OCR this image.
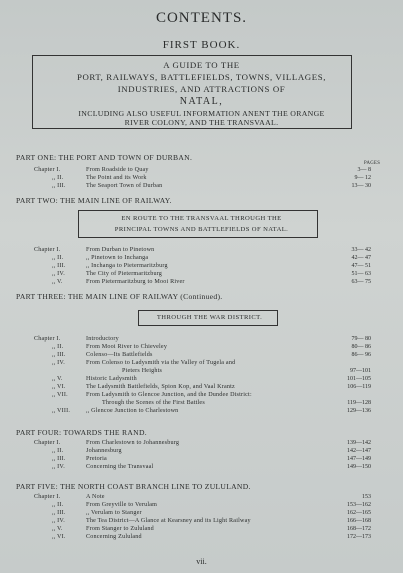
CONTENTS.
FIRST BOOK.
A GUIDE TO THE
PORT, RAILWAYS, BATTLEFIELDS, TOWNS, VILLAGES,
INDUSTRIES, AND ATTRACTIONS OF
NATAL,
INCLUDING ALSO USEFUL INFORMATION ANENT THE ORANGE
RIVER COLONY, AND THE TRANSVAAL.
PART ONE: THE PORT AND TOWN OF DURBAN.
PAGES
Chapter I.	From Roadside to Quay	3— 8
,, II.	The Point and its Work	9— 12
,, III.	The Seaport Town of Durban	13— 30
PART TWO: THE MAIN LINE OF RAILWAY.
EN ROUTE TO THE TRANSVAAL THROUGH THE
PRINCIPAL TOWNS AND BATTLEFIELDS OF NATAL.
Chapter I.	From Durban to Pinetown	33— 42
,, II.	,, Pinetown to Inchanga	42— 47
,, III.	,, Inchanga to Pietermaritzburg	47— 51
,, IV.	The City of Pietermaritzburg	51— 63
,, V.	From Pietermaritzburg to Mooi River	63— 75
PART THREE: THE MAIN LINE OF RAILWAY (Continued).
THROUGH THE WAR DISTRICT.
Chapter I.	Introductory	79— 80
,, II.	From Mooi River to Chieveley	80— 86
,, III.	Colenso—Its Battlefields	86— 96
,, IV.	From Colenso to Ladysmith via the Valley of Tugela and
Pieters Heights	97—101
,, V.	Historic Ladysmith	101—105
,, VI.	The Ladysmith Battlefields, Spion Kop, and Vaal Krantz	106—119
,, VII.	From Ladysmith to Glencoe Junction, and the Dundee District:
Through the Scenes of the First Battles	119—128
,, VIII.	,, Glencoe Junction to Charlestown	129—136
PART FOUR: TOWARDS THE RAND.
Chapter I.	From Charlestown to Johannesburg	139—142
,, II.	Johannesburg	142—147
,, III.	Pretoria	147—149
,, IV.	Concerning the Transvaal	149—150
PART FIVE: THE NORTH COAST BRANCH LINE TO ZULULAND.
Chapter I.	A Note	153
,, II.	From Greyville to Verulam	153—162
,, III.	,, Verulam to Stanger	162—165
,, IV.	The Tea District—A Glance at Kearsney and its Light Railway	166—168
,, V.	From Stanger to Zululand	168—172
,, VI.	Concerning Zululand	172—173
vii.
